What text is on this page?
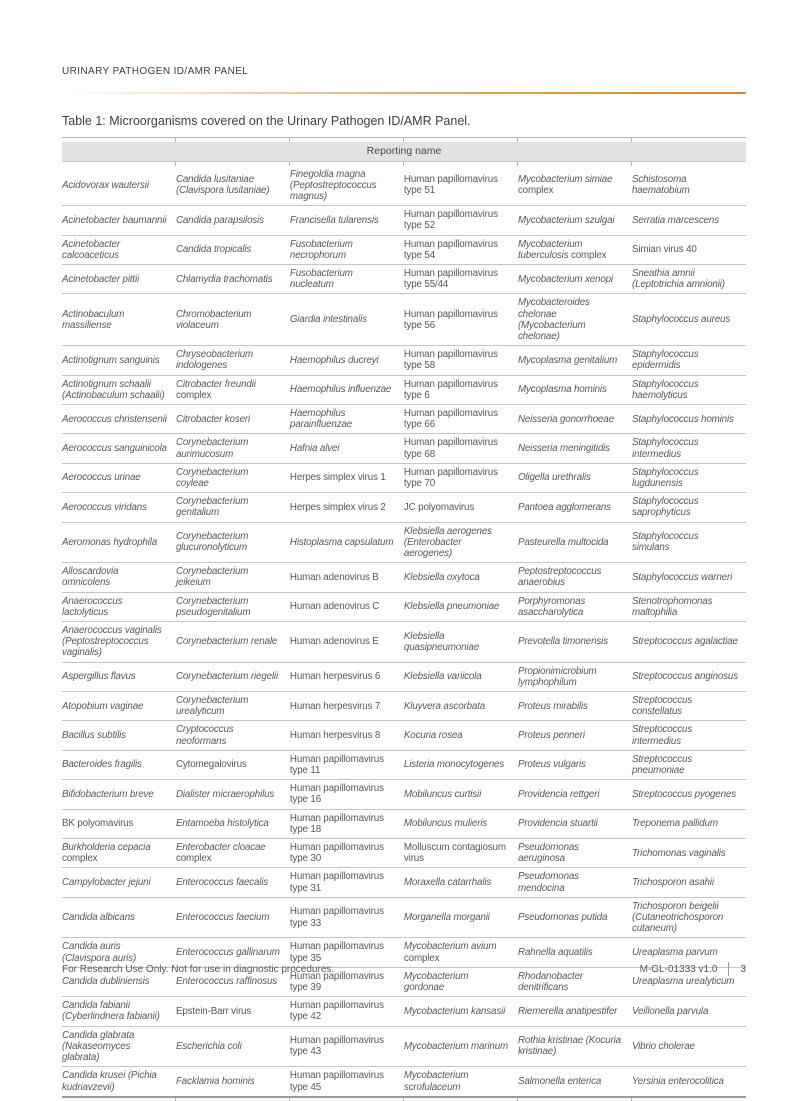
URINARY PATHOGEN ID/AMR PANEL
Table 1: Microorganisms covered on the Urinary Pathogen ID/AMR Panel.

Reporting name					

Acidovorax wautersii	Candida lusitaniae (Clavispora lusitaniae)	Finegoldia magna (Peptostreptococcus magnus)	Human papillomavirus type 51	Mycobacterium simiae complex	Schistosoma haematobium
Acinetobacter baumannii	Candida parapsilosis	Francisella tularensis	Human papillomavirus type 52	Mycobacterium szulgai	Serratia marcescens
Acinetobacter calcoaceticus	Candida tropicalis	Fusobacterium necrophorum	Human papillomavirus type 54	Mycobacterium tuberculosis complex	Simian virus 40
Acinetobacter pittii	Chlamydia trachomatis	Fusobacterium nucleatum	Human papillomavirus type 55/44	Mycobacterium xenopi	Sneathia amnii (Leptotrichia amnionii)
Actinobaculum massiliense	Chromobacterium violaceum	Giardia intestinalis	Human papillomavirus type 56	Mycobacteroides chelonae (Mycobacterium chelonae)	Staphylococcus aureus
Actinotignum sanguinis	Chryseobacterium indologenes	Haemophilus ducreyi	Human papillomavirus type 58	Mycoplasma genitalium	Staphylococcus epidermidis
Actinotignum schaalii (Actinobaculum schaalii)	Citrobacter freundii complex	Haemophilus influenzae	Human papillomavirus type 6	Mycoplasma hominis	Staphylococcus haemolyticus
Aerococcus christensenii	Citrobacter koseri	Haemophilus parainfluenzae	Human papillomavirus type 66	Neisseria gonorrhoeae	Staphylococcus hominis
Aerococcus sanguinicola	Corynebacterium aurimucosum	Hafnia alvei	Human papillomavirus type 68	Neisseria meningitidis	Staphylococcus intermedius
Aerococcus urinae	Corynebacterium coyleae	Herpes simplex virus 1	Human papillomavirus type 70	Oligella urethralis	Staphylococcus lugdunensis
Aerococcus viridans	Corynebacterium genitalium	Herpes simplex virus 2	JC polyomavirus	Pantoea agglomerans	Staphylococcus saprophyticus
Aeromonas hydrophila	Corynebacterium glucuronolyticum	Histoplasma capsulatum	Klebsiella aerogenes (Enterobacter aerogenes)	Pasteurella multocida	Staphylococcus simulans
Alloscardovia omnicolens	Corynebacterium jeikeium	Human adenovirus B	Klebsiella oxytoca	Peptostreptococcus anaerobius	Staphylococcus warneri
Anaerococcus lactolyticus	Corynebacterium pseudogenitalium	Human adenovirus C	Klebsiella pneumoniae	Porphyromonas asaccharolytica	Stenotrophomonas maltophilia
Anaerococcus vaginalis (Peptostreptococcus vaginalis)	Corynebacterium renale	Human adenovirus E	Klebsiella quasipneumoniae	Prevotella timonensis	Streptococcus agalactiae
Aspergillus flavus	Corynebacterium riegelii	Human herpesvirus 6	Klebsiella variicola	Propionimicrobium lymphophilum	Streptococcus anginosus
Atopobium vaginae	Corynebacterium urealyticum	Human herpesvirus 7	Kluyvera ascorbata	Proteus mirabilis	Streptococcus constellatus
Bacillus subtilis	Cryptococcus neoformans	Human herpesvirus 8	Kocuria rosea	Proteus penneri	Streptococcus intermedius
Bacteroides fragilis	Cytomegalovirus	Human papillomavirus type 11	Listeria monocytogenes	Proteus vulgaris	Streptococcus pneumoniae
Bifidobacterium breve	Dialister micraerophilus	Human papillomavirus type 16	Mobiluncus curtisii	Providencia rettgeri	Streptococcus pyogenes
BK polyomavirus	Entamoeba histolytica	Human papillomavirus type 18	Mobiluncus mulieris	Providencia stuartii	Treponema pallidum
Burkholderia cepacia complex	Enterobacter cloacae complex	Human papillomavirus type 30	Molluscum contagiosum virus	Pseudomonas aeruginosa	Trichomonas vaginalis
Campylobacter jejuni	Enterococcus faecalis	Human papillomavirus type 31	Moraxella catarrhalis	Pseudomonas mendocina	Trichosporon asahii
Candida albicans	Enterococcus faecium	Human papillomavirus type 33	Morganella morganii	Pseudomonas putida	Trichosporon beigelii (Cutaneotrichosporon cutaneum)
Candida auris (Clavispora auris)	Enterococcus gallinarum	Human papillomavirus type 35	Mycobacterium avium complex	Rahnella aquatilis	Ureaplasma parvum
Candida dubliniensis	Enterococcus raffinosus	Human papillomavirus type 39	Mycobacterium gordonae	Rhodanobacter denitrificans	Ureaplasma urealyticum
Candida fabianii (Cyberlindnera fabianii)	Epstein-Barr virus	Human papillomavirus type 42	Mycobacterium kansasii	Riemerella anatipestifer	Veillonella parvula
Candida glabrata (Nakaseomyces glabrata)	Escherichia coli	Human papillomavirus type 43	Mycobacterium marinum	Rothia kristinae (Kocuria kristinae)	Vibrio cholerae
Candida krusei (Pichia kudriavzevii)	Facklamia hominis	Human papillomavirus type 45	Mycobacterium scrofulaceum	Salmonella enterica	Yersinia enterocolitica

For Research Use Only. Not for use in diagnostic procedures.	M-GL-01333 v1.0 3
